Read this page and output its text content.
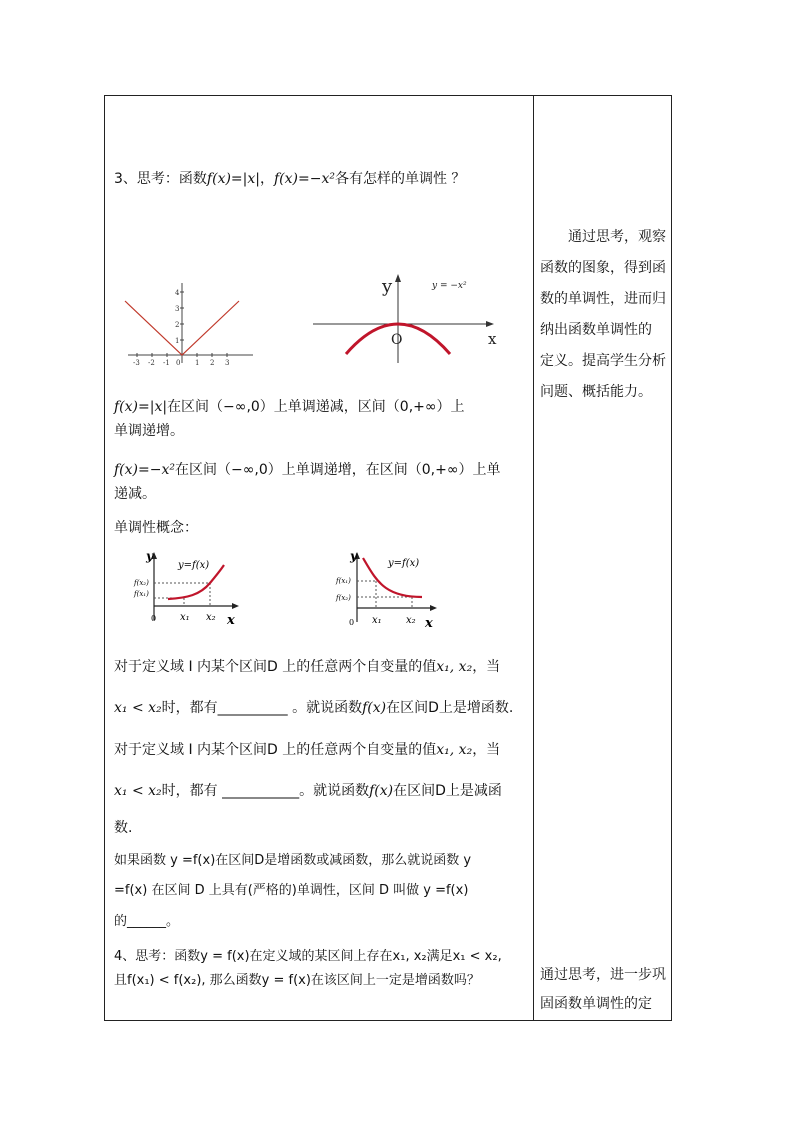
3、思考：函数f(x)=|x|，f(x)=−x²各有怎样的单调性 ？
4
3
2
1
-3 -2 -1 0 1 2 3
y
x
O
y = −x²
f(x)=|x|在区间（−∞,0）上单调递减，区间（0,+∞）上
单调递增。
f(x)=−x²在区间（−∞,0）上单调递增，在区间（0,+∞）上单
递减。
单调性概念：
y
y=f(x)
f(x₂)
f(x₁)
0 x₁ x₂ x
y
y=f(x)
f(x₁)
f(x₂)
0 x₁ x₂ x
对于定义域 I 内某个区间D 上的任意两个自变量的值x₁, x₂，当
x₁ < x₂时，都有__________ 。就说函数f(x)在区间D上是增函数.
对于定义域 I 内某个区间D 上的任意两个自变量的值x₁, x₂，当
x₁ < x₂时，都有 ___________。就说函数f(x)在区间D上是减函
数.
如果函数 y =f(x)在区间D是增函数或减函数，那么就说函数 y
=f(x) 在区间 D 上具有(严格的)单调性，区间 D 叫做 y =f(x)
的______。
4、思考：函数y = f(x)在定义域的某区间上存在x₁, x₂满足x₁ < x₂,
且f(x₁) < f(x₂), 那么函数y = f(x)在该区间上一定是增函数吗？
通过思考，观察
函数的图象，得到函
数的单调性，进而归
纳出函数单调性的
定义。提高学生分析
问题、概括能力。
通过思考，进一步巩
固函数单调性的定
